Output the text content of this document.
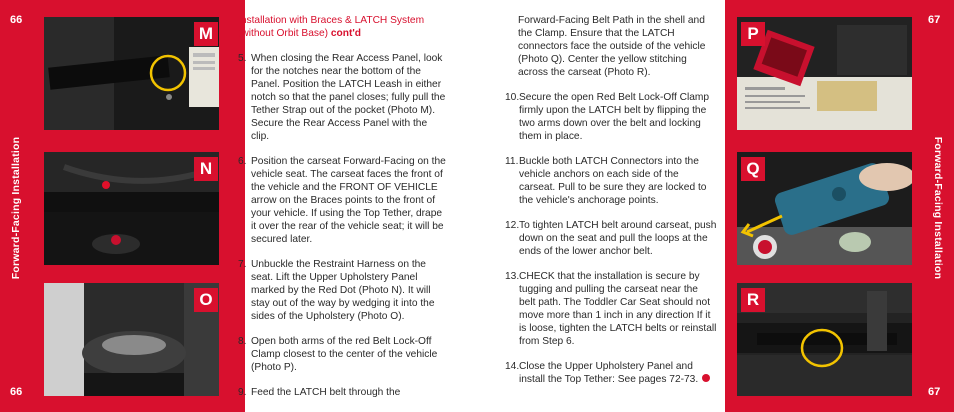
66
66
Forward-Facing Installation
M
N
O
Installation with Braces & LATCH System
(without Orbit Base) cont'd
5. When closing the Rear Access Panel, look for the notches near the bottom of the Panel. Position the LATCH Leash in either notch so that the panel closes; fully pull the Tether Strap out of the pocket (Photo M). Secure the Rear Access Panel with the clip.
6. Position the carseat Forward-Facing on the vehicle seat. The carseat faces the front of the vehicle and the FRONT OF VEHICLE arrow on the Braces points to the front of your vehicle. If using the Top Tether, drape it over the rear of the vehicle seat; it will be secured later.
7. Unbuckle the Restraint Harness on the seat. Lift the Upper Upholstery Panel marked by the Red Dot (Photo N). It will stay out of the way by wedging it into the sides of the Upholstery (Photo O).
8. Open both arms of the red Belt Lock-Off Clamp closest to the center of the vehicle (Photo P).
9. Feed the LATCH belt through the
Forward-Facing Belt Path in the shell and the Clamp. Ensure that the LATCH connectors face the outside of the vehicle (Photo Q). Center the yellow stitching across the carseat (Photo R).
10. Secure the open Red Belt Lock-Off Clamp firmly upon the LATCH belt by flipping the two arms down over the belt and locking them in place.
11. Buckle both LATCH Connectors into the vehicle anchors on each side of the carseat. Pull to be sure they are locked to the vehicle's anchorage points.
12. To tighten LATCH belt around carseat, push down on the seat and pull the loops at the ends of the lower anchor belt.
13. CHECK that the installation is secure by tugging and pulling the carseat near the belt path. The Toddler Car Seat should not move more than 1 inch in any direction If it is loose, tighten the LATCH belts or reinstall from Step 6.
14. Close the Upper Upholstery Panel and install the Top Tether: See pages 72-73.
67
67
Forward-Facing Installation
P
Q
R
